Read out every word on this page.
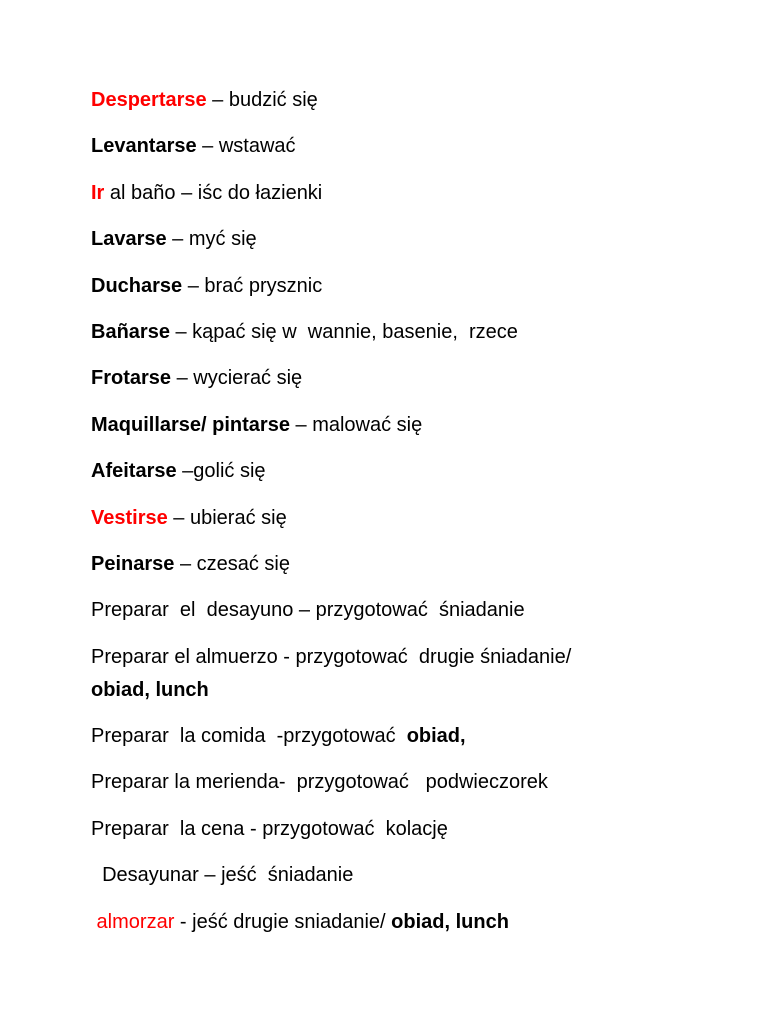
Despertarse – budzić się

Levantarse – wstawać

Ir al baño – iśc do łazienki

Lavarse – myć się

Ducharse – brać prysznic

Bañarse – kąpać się w  wannie, basenie,  rzece

Frotarse – wycierać się

Maquillarse/ pintarse – malować się

Afeitarse –golić się

Vestirse – ubierać się

Peinarse – czesać się

Preparar  el  desayuno – przygotować  śniadanie

Preparar el almuerzo - przygotować  drugie śniadanie/
obiad, lunch

Preparar  la comida  -przygotować  obiad,

Preparar la merienda-  przygotować   podwieczorek

Preparar  la cena - przygotować  kolację

Desayunar – jeść  śniadanie

almorzar - jeść drugie sniadanie/ obiad, lunch
